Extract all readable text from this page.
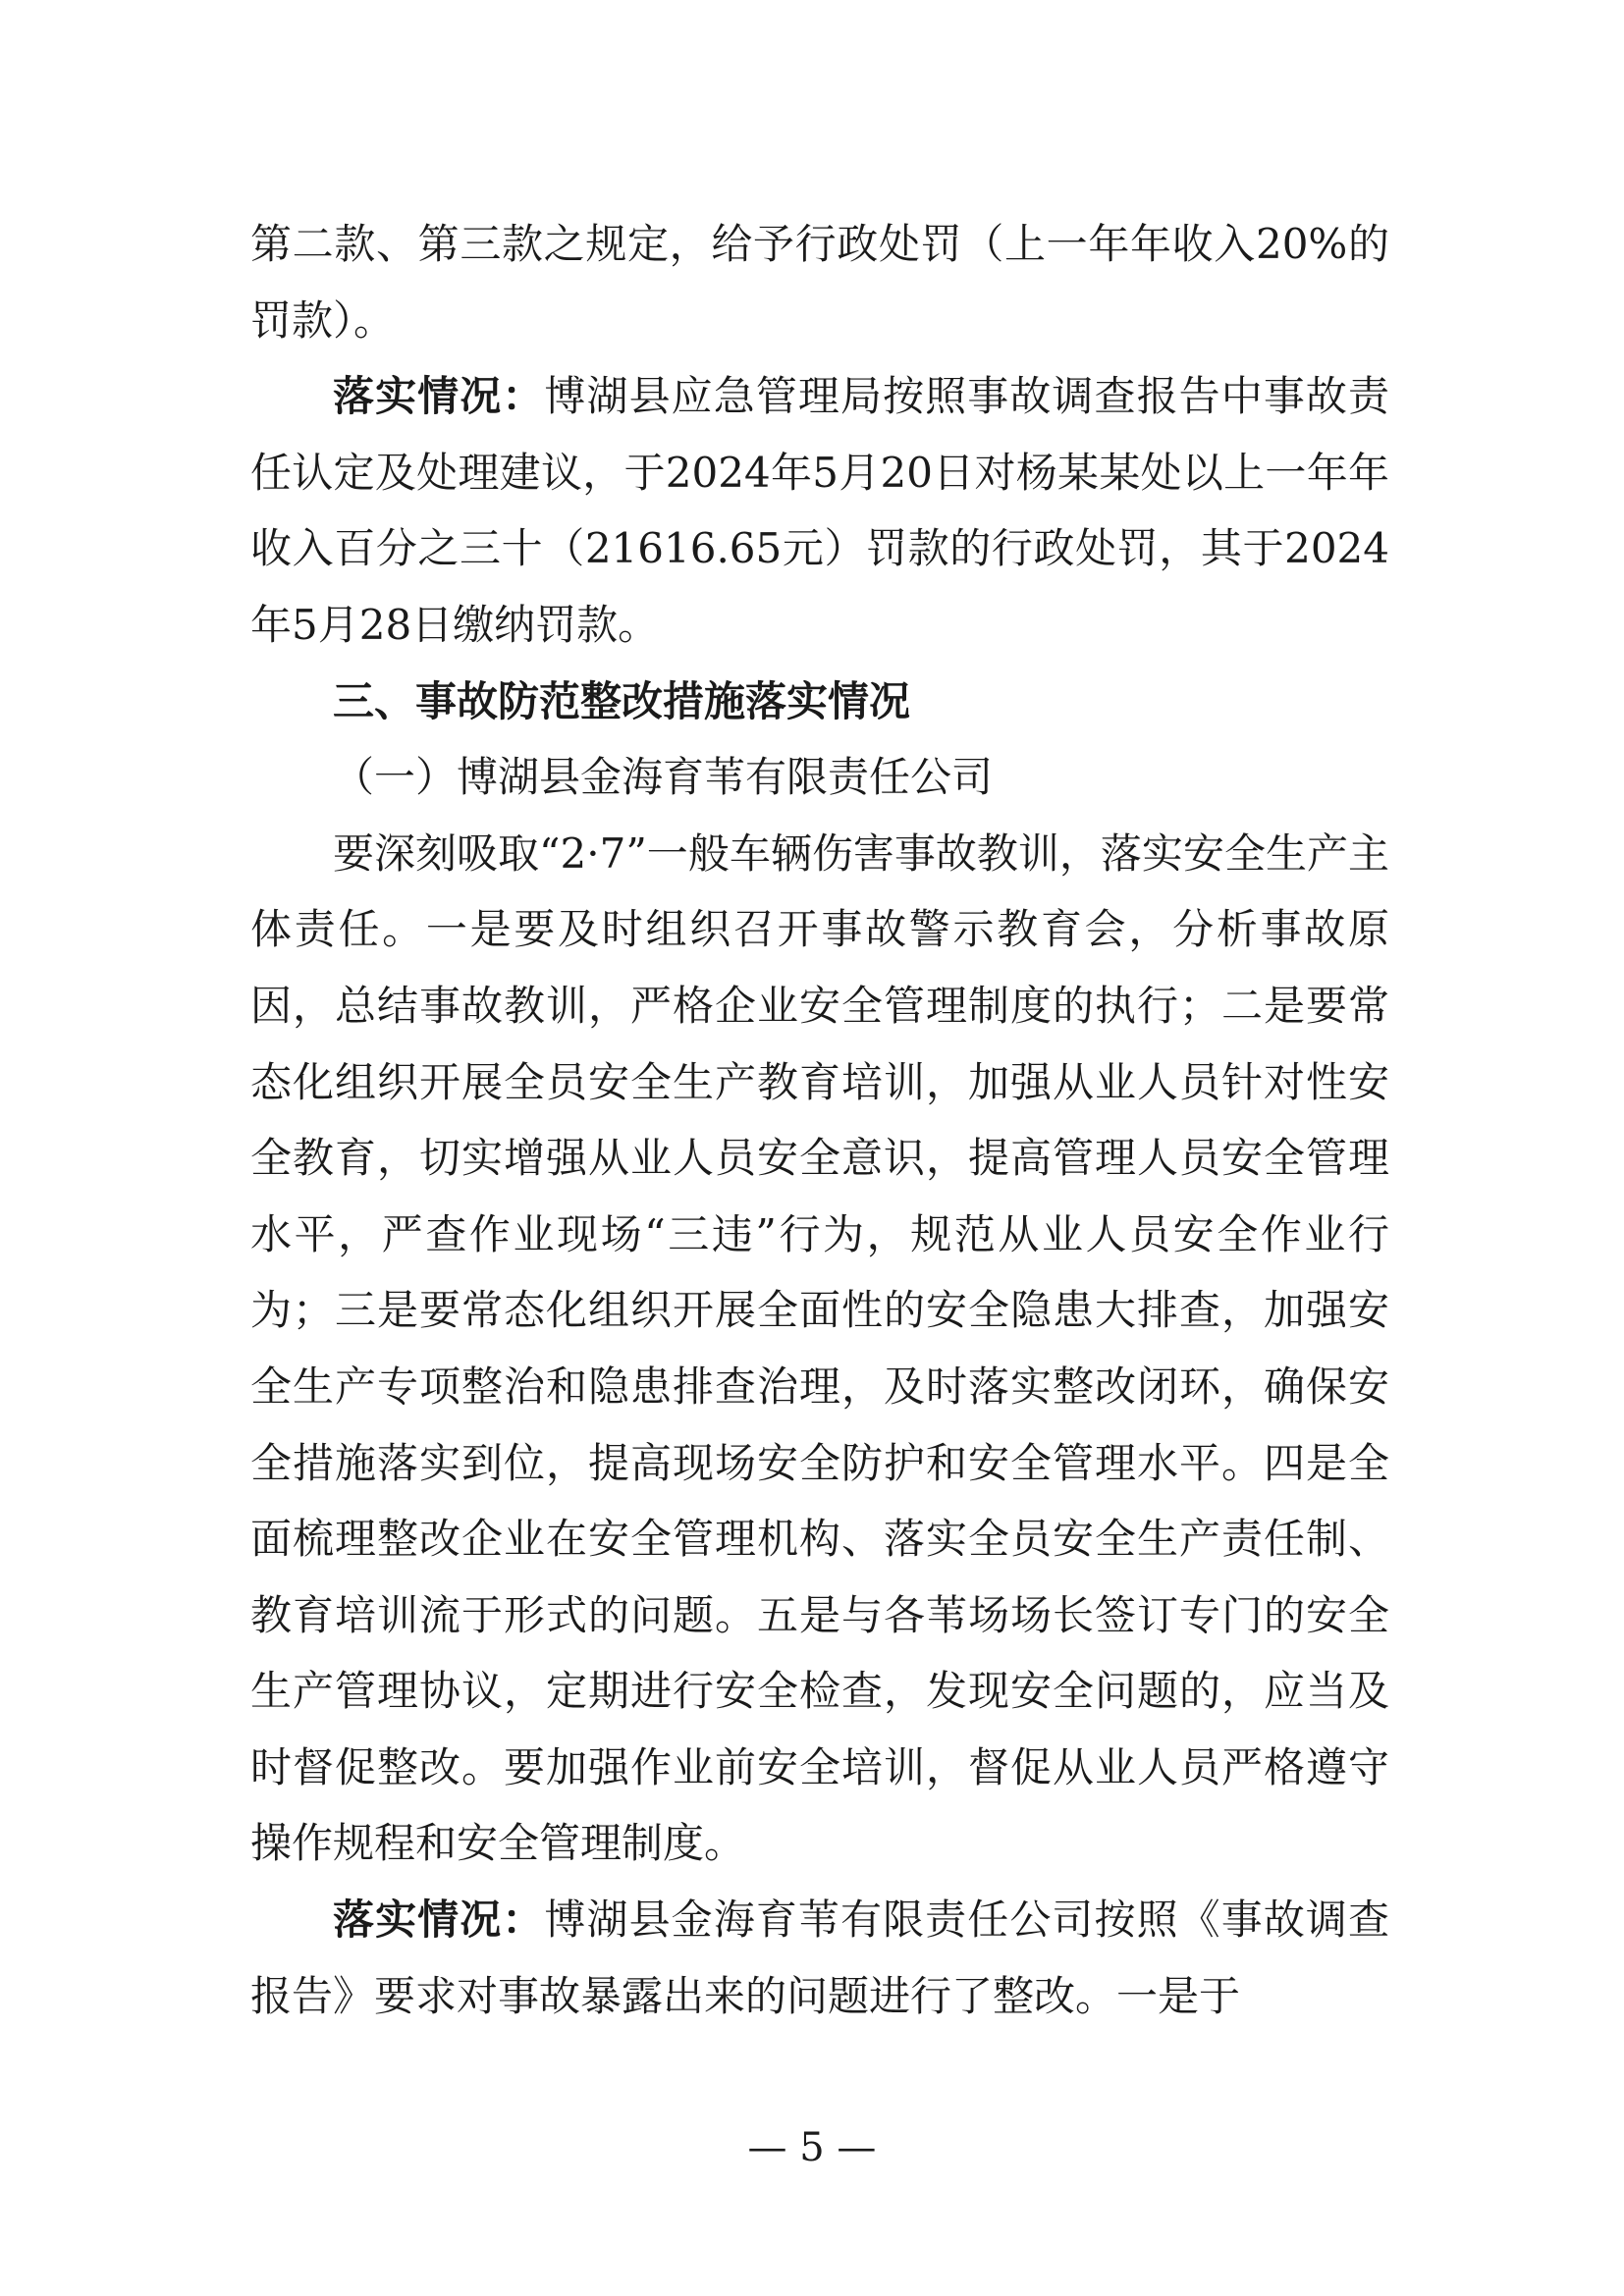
第二款、第三款之规定，给予行政处罚（上一年年收入20%的罚款）。

落实情况：博湖县应急管理局按照事故调查报告中事故责任认定及处理建议，于2024年5月20日对杨某某处以上一年年收入百分之三十（21616.65元）罚款的行政处罚，其于2024年5月28日缴纳罚款。

三、事故防范整改措施落实情况

（一）博湖县金海育苇有限责任公司

要深刻吸取“2·7”一般车辆伤害事故教训，落实安全生产主体责任。一是要及时组织召开事故警示教育会，分析事故原因，总结事故教训，严格企业安全管理制度的执行；二是要常态化组织开展全员安全生产教育培训，加强从业人员针对性安全教育，切实增强从业人员安全意识，提高管理人员安全管理水平，严查作业现场“三违”行为，规范从业人员安全作业行为；三是要常态化组织开展全面性的安全隐患大排查，加强安全生产专项整治和隐患排查治理，及时落实整改闭环，确保安全措施落实到位，提高现场安全防护和安全管理水平。四是全面梳理整改企业在安全管理机构、落实全员安全生产责任制、教育培训流于形式的问题。五是与各苇场场长签订专门的安全生产管理协议，定期进行安全检查，发现安全问题的，应当及时督促整改。要加强作业前安全培训，督促从业人员严格遵守操作规程和安全管理制度。

落实情况：博湖县金海育苇有限责任公司按照《事故调查报告》要求对事故暴露出来的问题进行了整改。一是于

— 5 —
